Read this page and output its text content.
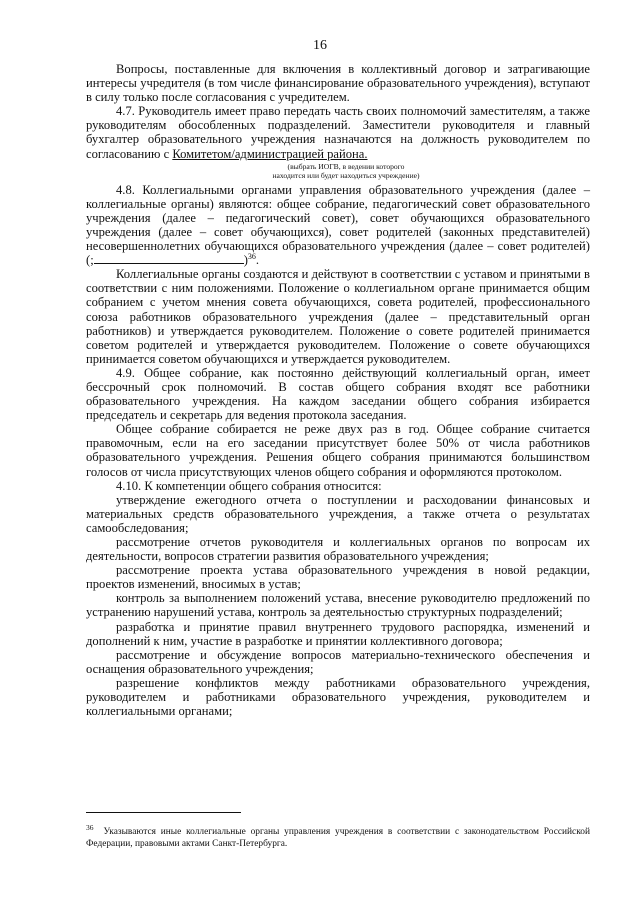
16

Вопросы, поставленные для включения в коллективный договор и затрагивающие интересы учредителя (в том числе финансирование образовательного учреждения), вступают в силу только после согласования с учредителем.

4.7. Руководитель имеет право передать часть своих полномочий заместителям, а также руководителям обособленных подразделений. Заместители руководителя и главный бухгалтер образовательного учреждения назначаются на должность руководителем по согласованию с Комитетом/администрацией района.

(выбрать ИОГВ, в ведении которого
находится или будет находиться учреждение)

4.8. Коллегиальными органами управления образовательного учреждения (далее – коллегиальные органы) являются: общее собрание, педагогический совет образовательного учреждения (далее – педагогический совет), совет обучающихся образовательного учреждения (далее – совет обучающихся), совет родителей (законных представителей) несовершеннолетних обучающихся образовательного учреждения (далее – совет родителей) (;	)$^{36}$.

Коллегиальные органы создаются и действуют в соответствии с уставом и принятыми в соответствии с ним положениями. Положение о коллегиальном органе принимается общим собранием с учетом мнения совета обучающихся, совета родителей, профессионального союза работников образовательного учреждения (далее – представительный орган работников) и утверждается руководителем. Положение о совете родителей принимается советом родителей и утверждается руководителем. Положение о совете обучающихся принимается советом обучающихся и утверждается руководителем.

4.9. Общее собрание, как постоянно действующий коллегиальный орган, имеет бессрочный срок полномочий. В состав общего собрания входят все работники образовательного учреждения. На каждом заседании общего собрания избирается председатель и секретарь для ведения протокола заседания.

Общее собрание собирается не реже двух раз в год. Общее собрание считается правомочным, если на его заседании присутствует более 50% от числа работников образовательного учреждения. Решения общего собрания принимаются большинством голосов от числа присутствующих членов общего собрания и оформляются протоколом.

4.10. К компетенции общего собрания относится:

утверждение ежегодного отчета о поступлении и расходовании финансовых и материальных средств образовательного учреждения, а также отчета о результатах самообследования;

рассмотрение отчетов руководителя и коллегиальных органов по вопросам их деятельности, вопросов стратегии развития образовательного учреждения;

рассмотрение проекта устава образовательного учреждения в новой редакции, проектов изменений, вносимых в устав;

контроль за выполнением положений устава, внесение руководителю предложений по устранению нарушений устава, контроль за деятельностью структурных подразделений;

разработка и принятие правил внутреннего трудового распорядка, изменений и дополнений к ним, участие в разработке и принятии коллективного договора;

рассмотрение и обсуждение вопросов материально-технического обеспечения и оснащения образовательного учреждения;

разрешение конфликтов между работниками образовательного учреждения, руководителем и работниками образовательного учреждения, руководителем и коллегиальными органами;

$^{36}$ Указываются иные коллегиальные органы управления учреждения в соответствии с законодательством Российской Федерации, правовыми актами Санкт-Петербурга.
